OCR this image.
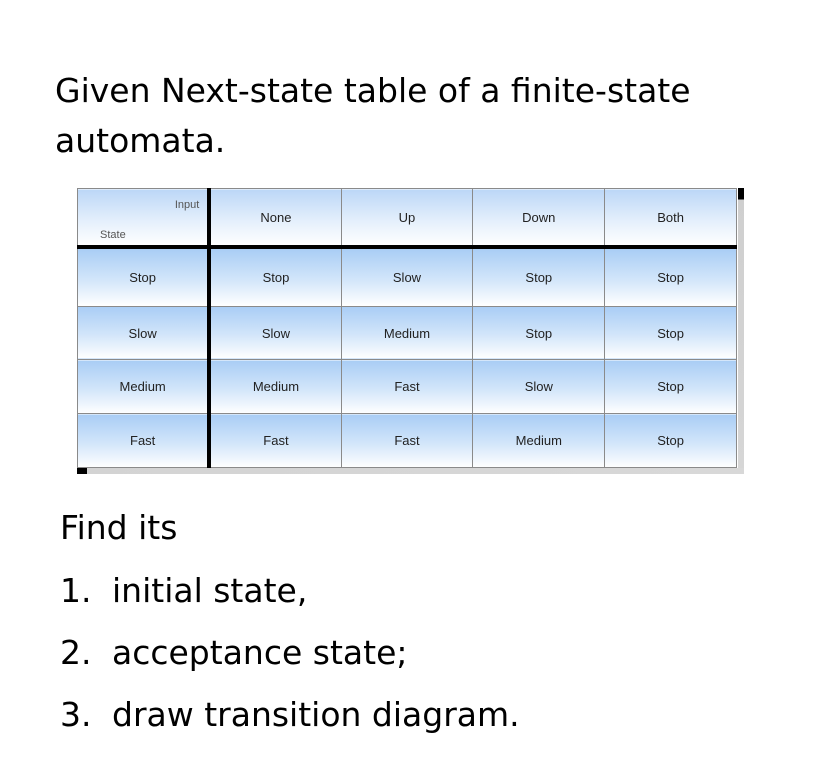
Given Next-state table of a finite-state
automata.
Input
State	None	Up	Down	Both
Stop	Stop	Slow	Stop	Stop
Slow	Slow	Medium	Stop	Stop
Medium	Medium	Fast	Slow	Stop
Fast	Fast	Fast	Medium	Stop
Find its
1. initial state,
2. acceptance state;
3. draw transition diagram.
